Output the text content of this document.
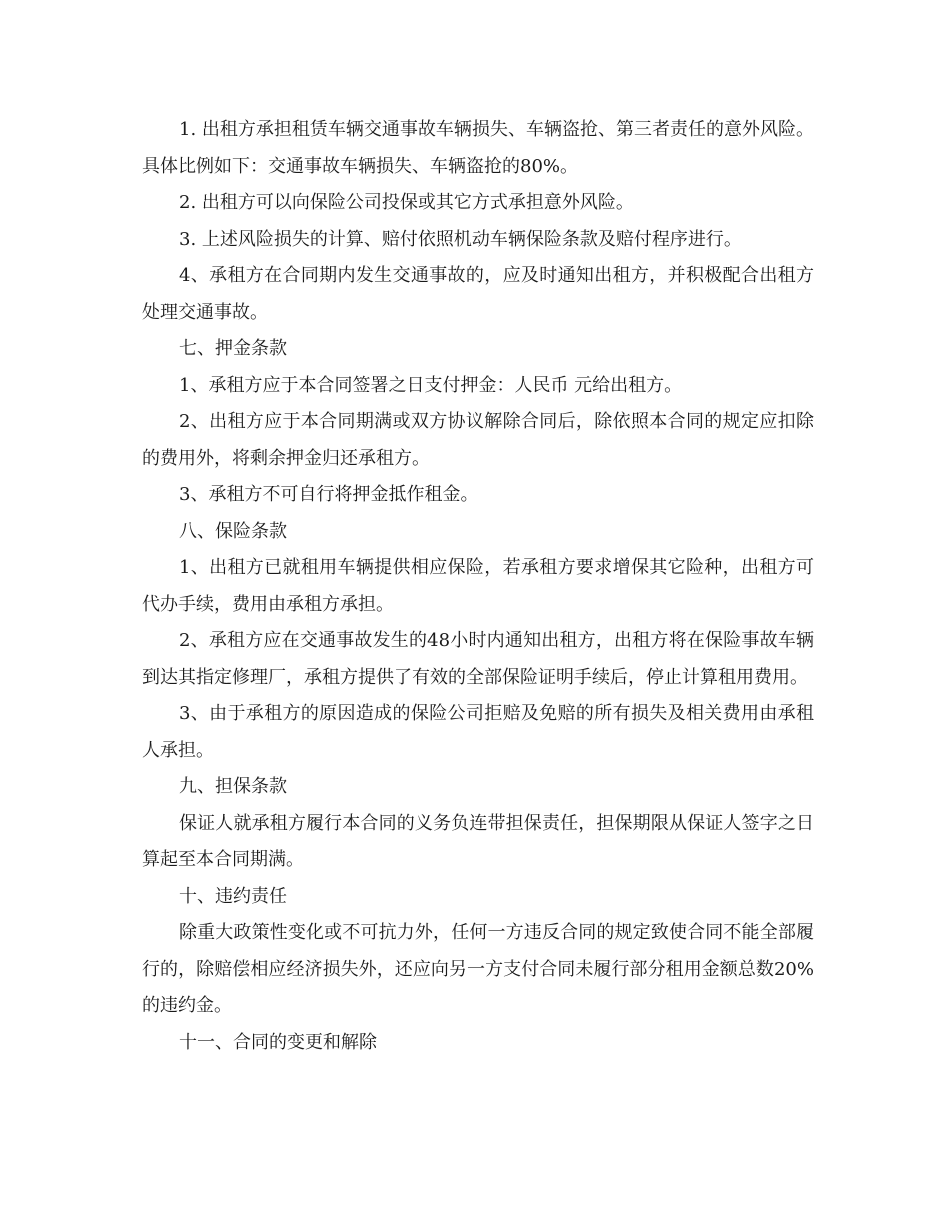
1. 出租方承担租赁车辆交通事故车辆损失、车辆盗抢、第三者责任的意外风险。具体比例如下：交通事故车辆损失、车辆盗抢的80%。

2. 出租方可以向保险公司投保或其它方式承担意外风险。

3. 上述风险损失的计算、赔付依照机动车辆保险条款及赔付程序进行。

4、承租方在合同期内发生交通事故的，应及时通知出租方，并积极配合出租方处理交通事故。

七、押金条款

1、承租方应于本合同签署之日支付押金：人民币 元给出租方。

2、出租方应于本合同期满或双方协议解除合同后，除依照本合同的规定应扣除的费用外，将剩余押金归还承租方。

3、承租方不可自行将押金抵作租金。

八、保险条款

1、出租方已就租用车辆提供相应保险，若承租方要求增保其它险种，出租方可代办手续，费用由承租方承担。

2、承租方应在交通事故发生的48小时内通知出租方，出租方将在保险事故车辆到达其指定修理厂，承租方提供了有效的全部保险证明手续后，停止计算租用费用。

3、由于承租方的原因造成的保险公司拒赔及免赔的所有损失及相关费用由承租人承担。

九、担保条款

保证人就承租方履行本合同的义务负连带担保责任，担保期限从保证人签字之日算起至本合同期满。

十、违约责任

除重大政策性变化或不可抗力外，任何一方违反合同的规定致使合同不能全部履行的，除赔偿相应经济损失外，还应向另一方支付合同未履行部分租用金额总数20%的违约金。

十一、合同的变更和解除
